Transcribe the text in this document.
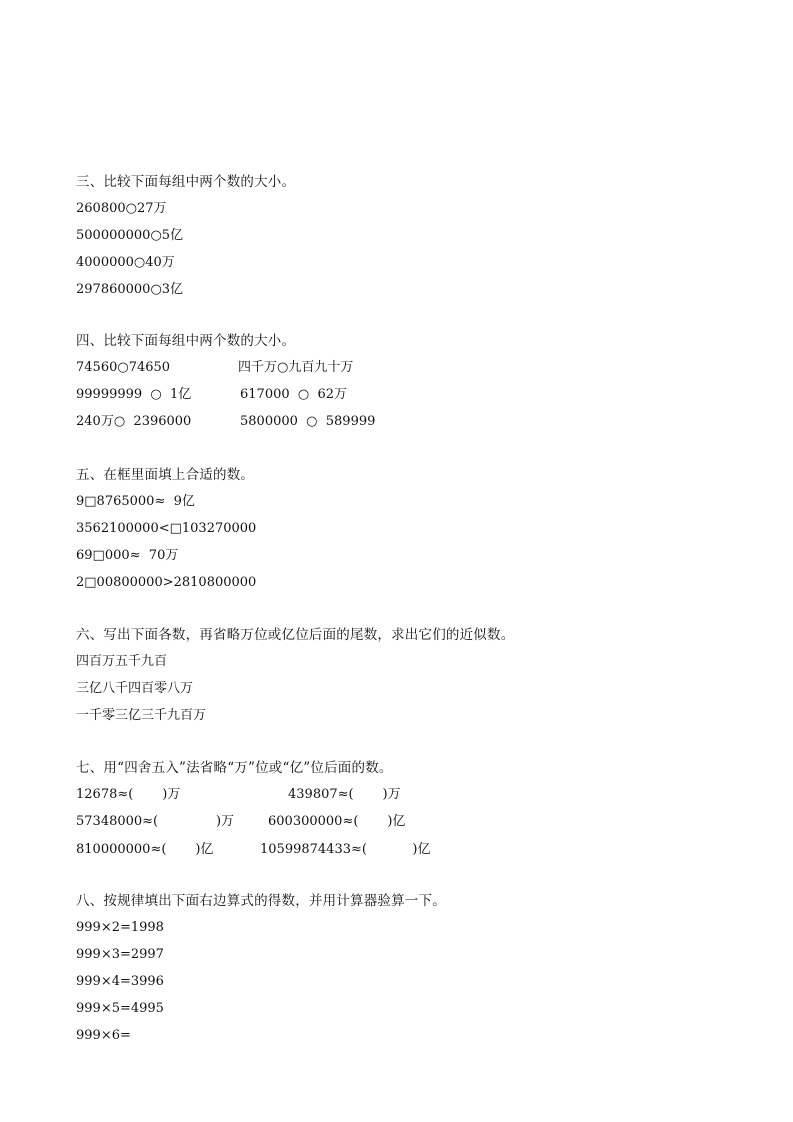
三、比较下面每组中两个数的大小。
260800○27万
500000000○5亿
4000000○40万
297860000○3亿
四、比较下面每组中两个数的大小。
74560○74650	四千万○九百九十万
99999999  ○  1亿	617000  ○  62万
240万○  2396000	5800000  ○  589999
五、在框里面填上合适的数。
9□8765000≈  9亿
3562100000<□103270000
69□000≈  70万
2□00800000>2810800000
六、写出下面各数，再省略万位或亿位后面的尾数，求出它们的近似数。
四百万五千九百
三亿八千四百零八万
一千零三亿三千九百万
七、用“四舍五入”法省略“万”位或“亿”位后面的数。
12678≈(       )万	439807≈(       )万
57348000≈(              )万	600300000≈(       )亿
810000000≈(       )亿	10599874433≈(           )亿
八、按规律填出下面右边算式的得数，并用计算器验算一下。
999×2=1998
999×3=2997
999×4=3996
999×5=4995
999×6=
